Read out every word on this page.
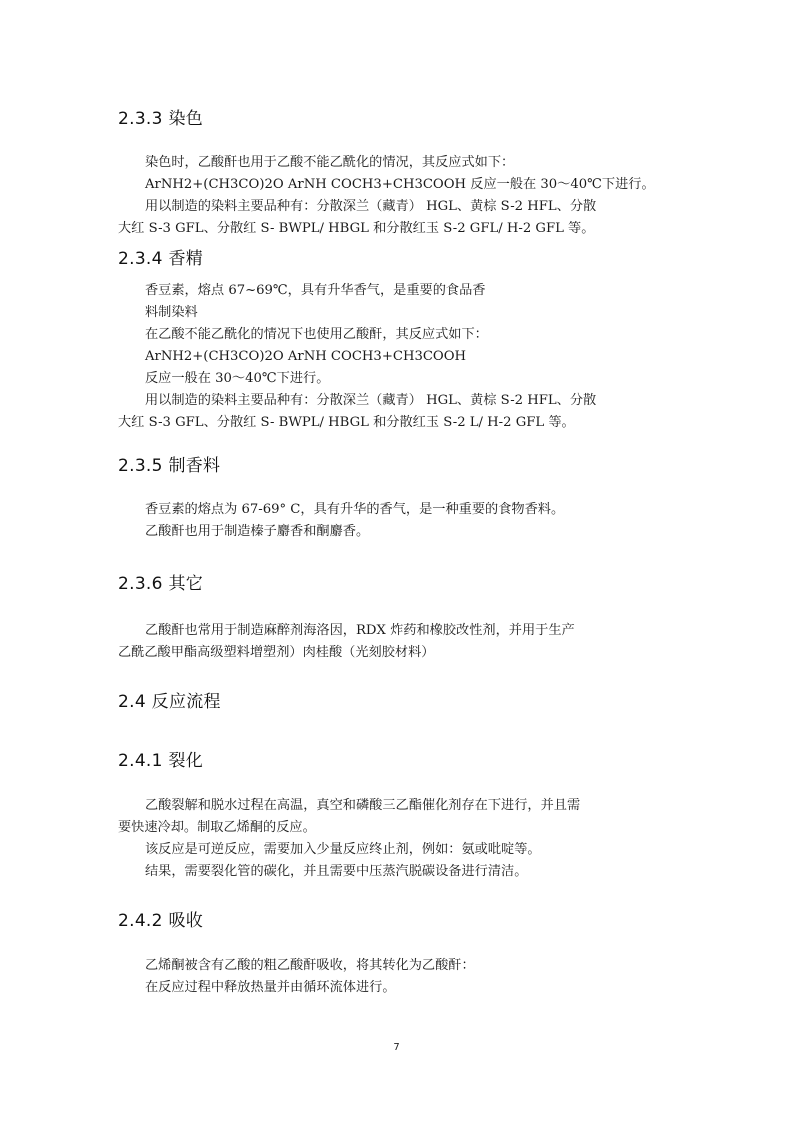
2.3.3 染色
染色时，乙酸酐也用于乙酸不能乙酰化的情况，其反应式如下：
ArNH2+(CH3CO)2O ArNH COCH3+CH3COOH 反应一般在 30～40℃下进行。
用以制造的染料主要品种有：分散深兰（藏青） HGL、黄棕 S-2 HFL、分散
大红 S-3 GFL、分散红 S- BWPL/ HBGL 和分散红玉 S-2 GFL/ H-2 GFL 等。
2.3.4 香精
香豆素，熔点 67~69℃，具有升华香气，是重要的食品香
料制染料
在乙酸不能乙酰化的情况下也使用乙酸酐，其反应式如下：
ArNH2+(CH3CO)2O ArNH COCH3+CH3COOH
反应一般在 30～40℃下进行。
用以制造的染料主要品种有：分散深兰（藏青） HGL、黄棕 S-2 HFL、分散
大红 S-3 GFL、分散红 S- BWPL/ HBGL 和分散红玉 S-2 L/ H-2 GFL 等。
2.3.5 制香料
香豆素的熔点为 67-69° C，具有升华的香气，是一种重要的食物香料。
乙酸酐也用于制造榛子麝香和酮麝香。
2.3.6 其它
乙酸酐也常用于制造麻醉剂海洛因，RDX 炸药和橡胶改性剂，并用于生产
乙酰乙酸甲酯高级塑料增塑剂）肉桂酸（光刻胶材料）
2.4 反应流程
2.4.1 裂化
乙酸裂解和脱水过程在高温，真空和磷酸三乙酯催化剂存在下进行，并且需
要快速冷却。制取乙烯酮的反应。
该反应是可逆反应，需要加入少量反应终止剂，例如：氨或吡啶等。
结果，需要裂化管的碳化，并且需要中压蒸汽脱碳设备进行清洁。
2.4.2 吸收
乙烯酮被含有乙酸的粗乙酸酐吸收，将其转化为乙酸酐：
在反应过程中释放热量并由循环流体进行。
7
